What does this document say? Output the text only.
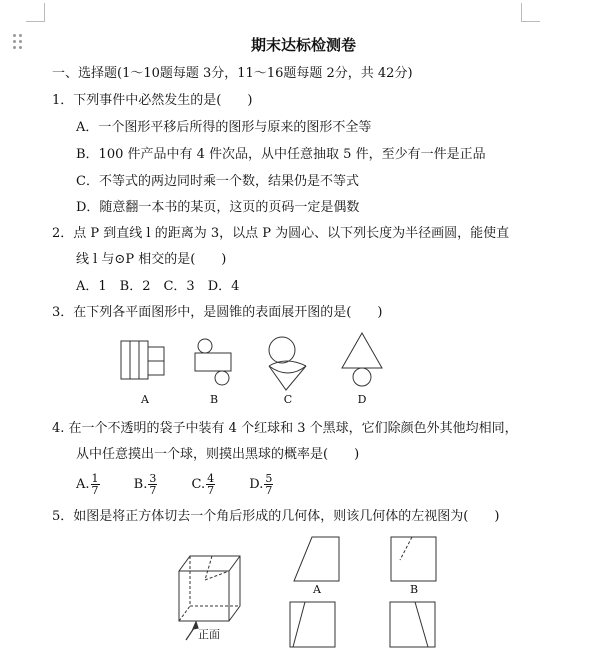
期末达标检测卷
一、选择题(1～10题每题 3分，11～16题每题 2分，共 42分)
1．下列事件中必然发生的是(　　)
A．一个图形平移后所得的图形与原来的图形不全等
B．100 件产品中有 4 件次品，从中任意抽取 5 件，至少有一件是正品
C．不等式的两边同时乘一个数，结果仍是不等式
D．随意翻一本书的某页，这页的页码一定是偶数
2．点 P 到直线 l 的距离为 3，以点 P 为圆心、以下列长度为半径画圆，能使直
线 l 与⊙P 相交的是(　　)
A．1　B．2　C．3　D．4
3．在下列各平面图形中，是圆锥的表面展开图的是(　　)
A	B	C	D
4. 在一个不透明的袋子中装有 4 个红球和 3 个黑球，它们除颜色外其他均相同，
从中任意摸出一个球，则摸出黑球的概率是(　　)
A. $\frac{1}{7}$	B. $\frac{3}{7}$	C. $\frac{4}{7}$	D. $\frac{5}{7}$
5．如图是将正方体切去一个角后形成的几何体，则该几何体的左视图为(　　)
正面
A	B
